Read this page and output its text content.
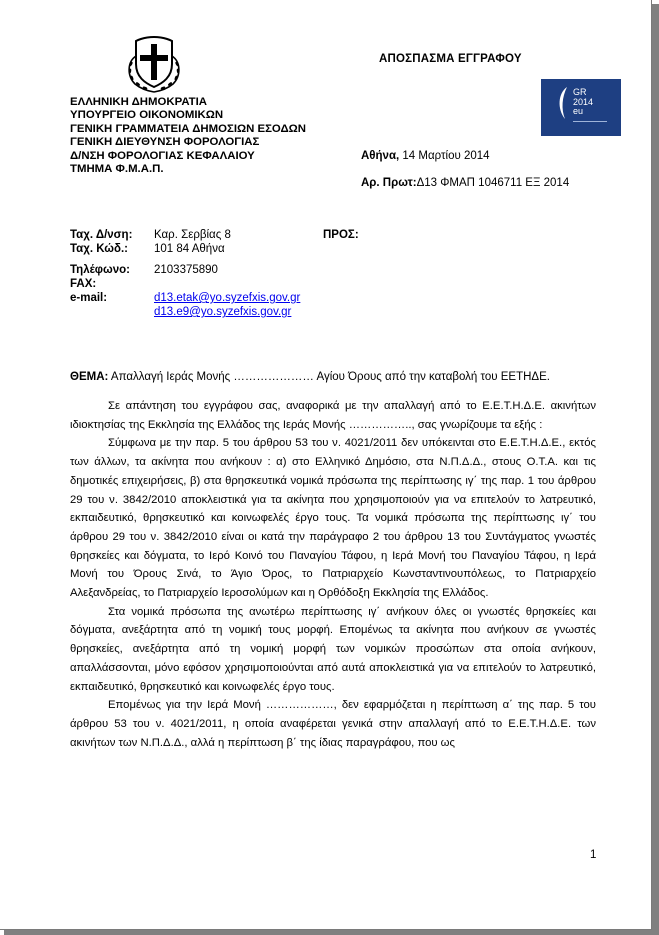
ΕΛΛΗΝΙΚΗ ΔΗΜΟΚΡΑΤΙΑ
ΥΠΟΥΡΓΕΙΟ ΟΙΚΟΝΟΜΙΚΩΝ
ΓΕΝΙΚΗ ΓΡΑΜΜΑΤΕΙΑ ΔΗΜΟΣΙΩΝ ΕΣΟΔΩΝ
ΓΕΝΙΚΗ ΔΙΕΥΘΥΝΣΗ ΦΟΡΟΛΟΓΙΑΣ
Δ/ΝΣΗ ΦΟΡΟΛΟΓΙΑΣ ΚΕΦΑΛΑΙΟΥ
ΤΜΗΜΑ Φ.Μ.Α.Π.
ΑΠΟΣΠΑΣΜΑ ΕΓΓΡΑΦΟΥ
GR
2014
eu
Αθήνα, 14 Μαρτίου 2014
Αρ. Πρωτ:Δ13 ΦΜΑΠ 1046711 ΕΞ 2014
Ταχ. Δ/νση: Καρ. Σερβίας 8
Ταχ. Κώδ.: 101 84 Αθήνα
Τηλέφωνο: 2103375890
FAX:
e-mail:	d13.etak@yo.syzefxis.gov.gr
d13.e9@yo.syzefxis.gov.gr
ΠΡΟΣ:
ΘΕΜΑ: Απαλλαγή Ιεράς Μονής ………………… Αγίου Όρους από την καταβολή του ΕΕΤΗΔΕ.

Σε απάντηση του εγγράφου σας, αναφορικά με την απαλλαγή από το Ε.Ε.Τ.Η.Δ.Ε. ακινήτων ιδιοκτησίας της Εκκλησία της Ελλάδος της Ιεράς Μονής …………….., σας γνωρίζουμε τα εξής :

Σύμφωνα με την παρ. 5 του άρθρου 53 του ν. 4021/2011 δεν υπόκεινται στο Ε.Ε.Τ.Η.Δ.Ε., εκτός των άλλων, τα ακίνητα που ανήκουν : α) στο Ελληνικό Δημόσιο, στα Ν.Π.Δ.Δ., στους Ο.Τ.Α. και τις δημοτικές επιχειρήσεις, β) στα θρησκευτικά νομικά πρόσωπα της περίπτωσης ιγ΄ της παρ. 1 του άρθρου 29 του ν. 3842/2010 αποκλειστικά για τα ακίνητα που χρησιμοποιούν για να επιτελούν το λατρευτικό, εκπαιδευτικό, θρησκευτικό και κοινωφελές έργο τους. Τα νομικά πρόσωπα της περίπτωσης ιγ΄ του άρθρου 29 του ν. 3842/2010 είναι οι κατά την παράγραφο 2 του άρθρου 13 του Συντάγματος γνωστές θρησκείες και δόγματα, το Ιερό Κοινό του Παναγίου Τάφου, η Ιερά Μονή του Παναγίου Τάφου, η Ιερά Μονή του Όρους Σινά, το Άγιο Όρος, το Πατριαρχείο Κωνσταντινουπόλεως, το Πατριαρχείο Αλεξανδρείας, το Πατριαρχείο Ιεροσολύμων και η Ορθόδοξη Εκκλησία της Ελλάδος.

Στα νομικά πρόσωπα της ανωτέρω περίπτωσης ιγ΄ ανήκουν όλες οι γνωστές θρησκείες και δόγματα, ανεξάρτητα από τη νομική τους μορφή. Επομένως τα ακίνητα που ανήκουν σε γνωστές θρησκείες, ανεξάρτητα από τη νομική μορφή των νομικών προσώπων στα οποία ανήκουν, απαλλάσσονται, μόνο εφόσον χρησιμοποιούνται από αυτά αποκλειστικά για να επιτελούν το λατρευτικό, εκπαιδευτικό, θρησκευτικό και κοινωφελές έργο τους.

Επομένως για την Ιερά Μονή ………………, δεν εφαρμόζεται η περίπτωση α΄ της παρ. 5 του άρθρου 53 του ν. 4021/2011, η οποία αναφέρεται γενικά στην απαλλαγή από το Ε.Ε.Τ.Η.Δ.Ε. των ακινήτων των Ν.Π.Δ.Δ., αλλά η περίπτωση β΄ της ίδιας παραγράφου, που ως

1
